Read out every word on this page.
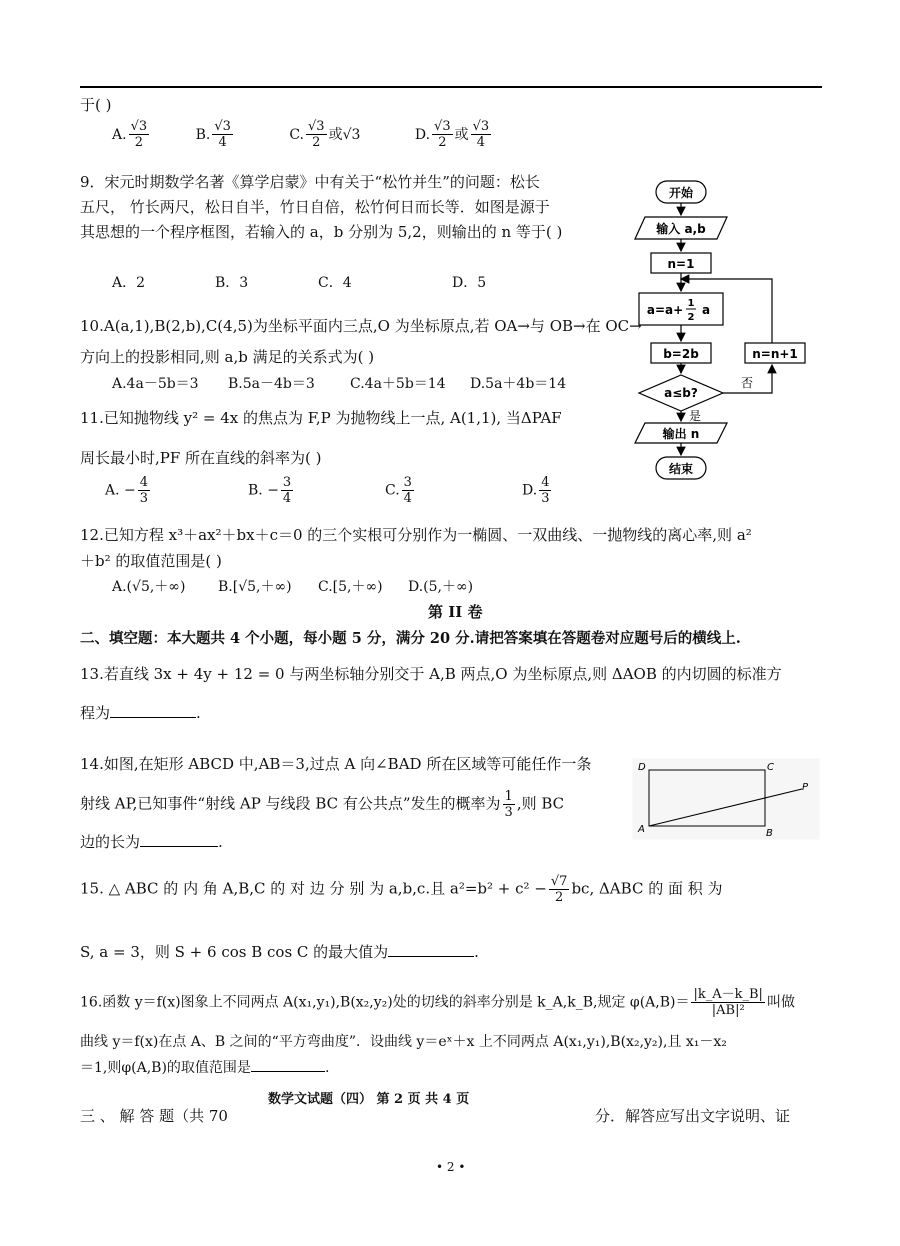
于( )
A. $\frac{√3}{2}$	B. $\frac{√3}{4}$	C. $\frac{√3}{2}$ 或√3	D. $\frac{√3}{2}$ 或 $\frac{√3}{4}$
9．宋元时期数学名著《算学启蒙》中有关于“松竹并生”的问题：松长
五尺， 竹长两尺，松日自半，竹日自倍，松竹何日而长等．如图是源于
其思想的一个程序框图，若输入的 a，b 分别为 5,2，则输出的 n 等于( )
A．2	B．3	C．4	D．5
开始
输入 a,b
n=1
a=a+ 1
2
a
b=2b
a≤b?
否
是
n=n+1
输出 n
结束
10.A(a,1),B(2,b),C(4,5)为坐标平面内三点,O 为坐标原点,若 OA→与 OB→在 OC→
方向上的投影相同,则 a,b 满足的关系式为( )
A.4a－5b＝3 B.5a－4b＝3	C.4a＋5b＝14 D.5a＋4b＝14
11.已知抛物线 y² = 4x 的焦点为 F,P 为抛物线上一点, A(1,1), 当ΔPAF
周长最小时,PF 所在直线的斜率为( )
A. − $\frac{4}{3}$	B. − $\frac{3}{4}$	C. $\frac{3}{4}$	D. $\frac{4}{3}$
12.已知方程 x³＋ax²＋bx＋c＝0 的三个实根可分别作为一椭圆、一双曲线、一抛物线的离心率,则 a²
＋b² 的取值范围是( )
A.(√5,＋∞) B.[√5,＋∞) C.[5,＋∞) D.(5,＋∞)
第 II 卷
二、填空题：本大题共 4 个小题，每小题 5 分，满分 20 分.请把答案填在答题卷对应题号后的横线上.
13.若直线 3x + 4y + 12 = 0 与两坐标轴分别交于 A,B 两点,O 为坐标原点,则 ΔAOB 的内切圆的标准方
程为	.
14.如图,在矩形 ABCD 中,AB＝3,过点 A 向∠BAD 所在区域等可能任作一条
射线 AP,已知事件“射线 AP 与线段 BC 有公共点”发生的概率为 $\frac{1}{3}$ ,则 BC
边的长为	.
D	C
A	B
P
15. △ ABC 的 内 角 A,B,C 的 对 边 分 别 为 a,b,c.且 $a^2=b^2 + c^2 - \frac{√7}{2}$ bc, ΔABC 的 面 积 为
S, a = 3，则 S + 6 cos B cos C 的最大值为	.
16.函数 y＝f(x)图象上不同两点 A(x₁,y₁),B(x₂,y₂)处的切线的斜率分别是 k_A,k_B,规定 $\varphi(A,B)= \frac{|k\_A-k\_B|}{\text{|AB|²}}$ 叫做
曲线 y＝f(x)在点 A、B 之间的“平方弯曲度”．设曲线 y＝eˣ＋x 上不同两点 A(x₁,y₁),B(x₂,y₂),且 x₁－x₂
＝1,则φ(A,B)的取值范围是	.
数学文试题（四） 第 2 页 共 4 页
三 、 解 答 题（共 70	分．解答应写出文字说明、证
• 2 •
